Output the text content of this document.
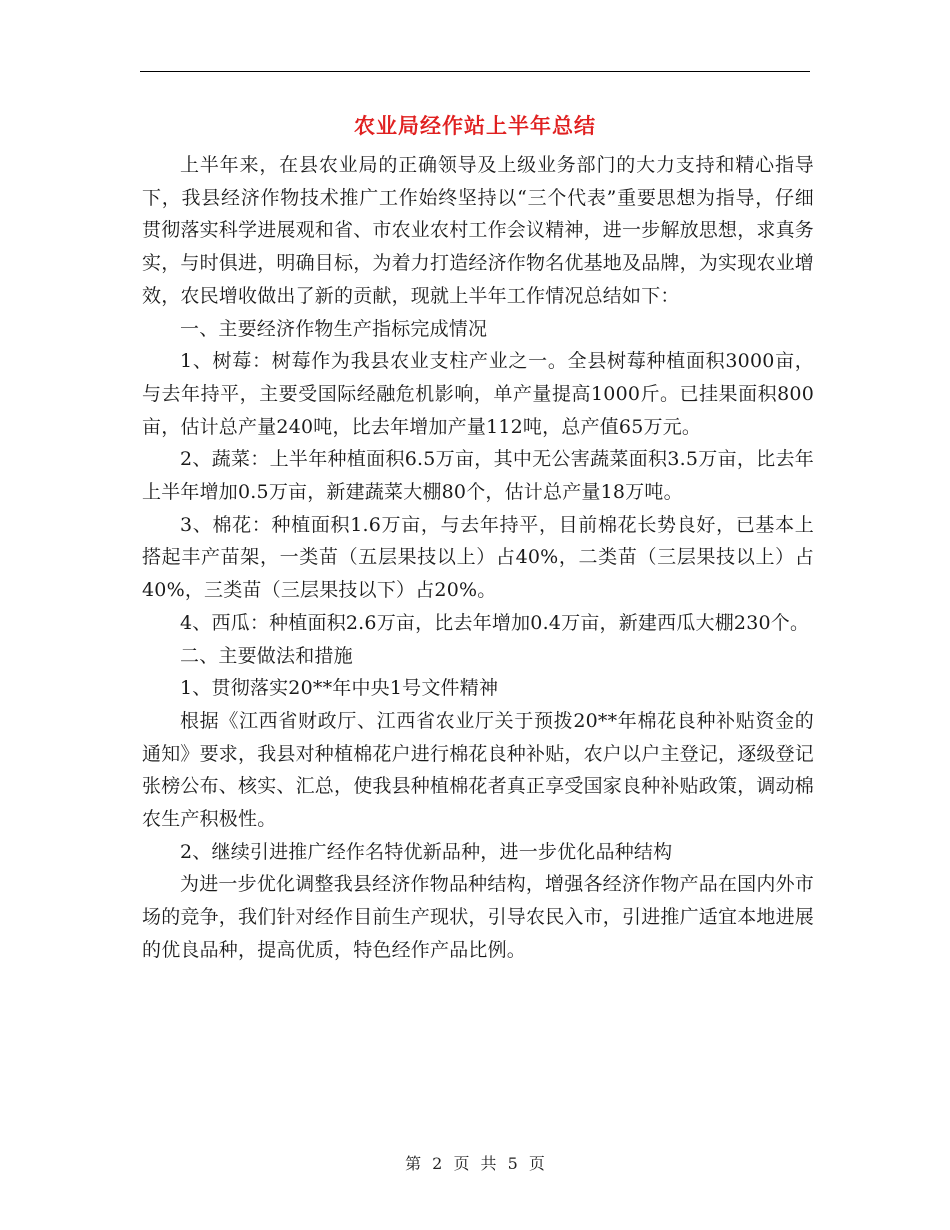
农业局经作站上半年总结

上半年来，在县农业局的正确领导及上级业务部门的大力支持和精心指导下，我县经济作物技术推广工作始终坚持以“三个代表”重要思想为指导，仔细贯彻落实科学进展观和省、市农业农村工作会议精神，进一步解放思想，求真务实，与时俱进，明确目标，为着力打造经济作物名优基地及品牌，为实现农业增效，农民增收做出了新的贡献，现就上半年工作情况总结如下：

一、主要经济作物生产指标完成情况

1、树莓：树莓作为我县农业支柱产业之一。全县树莓种植面积3000亩，与去年持平，主要受国际经融危机影响，单产量提高1000斤。已挂果面积800亩，估计总产量240吨，比去年增加产量112吨，总产值65万元。

2、蔬菜：上半年种植面积6.5万亩，其中无公害蔬菜面积3.5万亩，比去年上半年增加0.5万亩，新建蔬菜大棚80个，估计总产量18万吨。

3、棉花：种植面积1.6万亩，与去年持平，目前棉花长势良好，已基本上搭起丰产苗架，一类苗（五层果技以上）占40%，二类苗（三层果技以上）占40%，三类苗（三层果技以下）占20%。

4、西瓜：种植面积2.6万亩，比去年增加0.4万亩，新建西瓜大棚230个。

二、主要做法和措施

1、贯彻落实20**年中央1号文件精神

根据《江西省财政厅、江西省农业厅关于预拨20**年棉花良种补贴资金的通知》要求，我县对种植棉花户进行棉花良种补贴，农户以户主登记，逐级登记张榜公布、核实、汇总，使我县种植棉花者真正享受国家良种补贴政策，调动棉农生产积极性。

2、继续引进推广经作名特优新品种，进一步优化品种结构

为进一步优化调整我县经济作物品种结构，增强各经济作物产品在国内外市场的竞争，我们针对经作目前生产现状，引导农民入市，引进推广适宜本地进展的优良品种，提高优质，特色经作产品比例。

第 2 页 共 5 页
